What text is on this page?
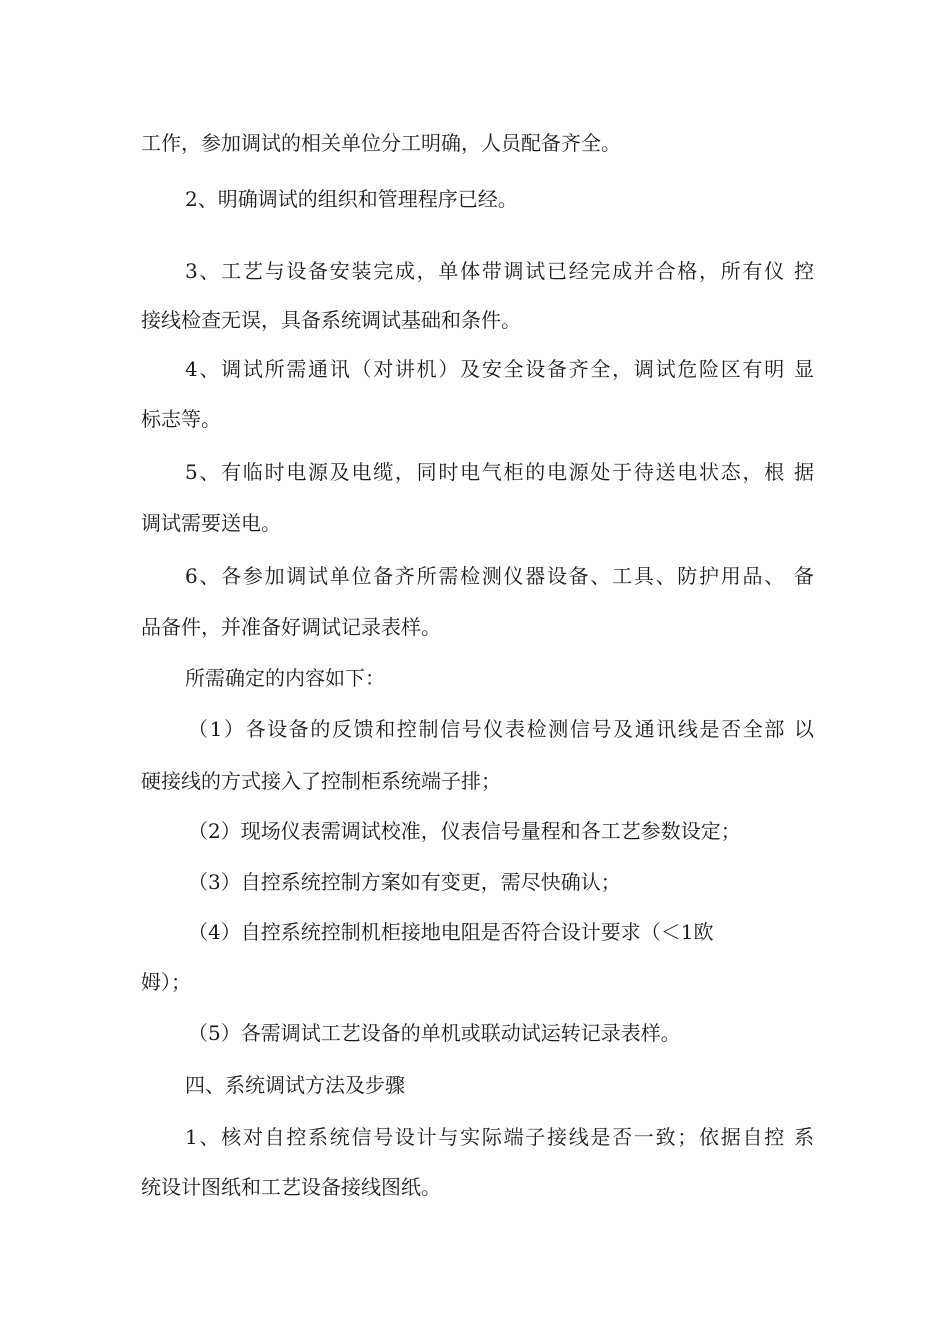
工作，参加调试的相关单位分工明确，人员配备齐全。
2、明确调试的组织和管理程序已经。
3、工艺与设备安装完成，单体带调试已经完成并合格，所有仪 控
接线检查无误，具备系统调试基础和条件。
4、调试所需通讯（对讲机）及安全设备齐全，调试危险区有明 显
标志等。
5、有临时电源及电缆，同时电气柜的电源处于待送电状态，根 据
调试需要送电。
6、各参加调试单位备齐所需检测仪器设备、工具、防护用品、 备
品备件，并准备好调试记录表样。
所需确定的内容如下：
（1）各设备的反馈和控制信号仪表检测信号及通讯线是否全部 以
硬接线的方式接入了控制柜系统端子排；
（2）现场仪表需调试校准，仪表信号量程和各工艺参数设定；
（3）自控系统控制方案如有变更，需尽快确认；
（4）自控系统控制机柜接地电阻是否符合设计要求（＜1欧
姆）；
（5）各需调试工艺设备的单机或联动试运转记录表样。
四、系统调试方法及步骤
1、核对自控系统信号设计与实际端子接线是否一致；依据自控 系
统设计图纸和工艺设备接线图纸。
